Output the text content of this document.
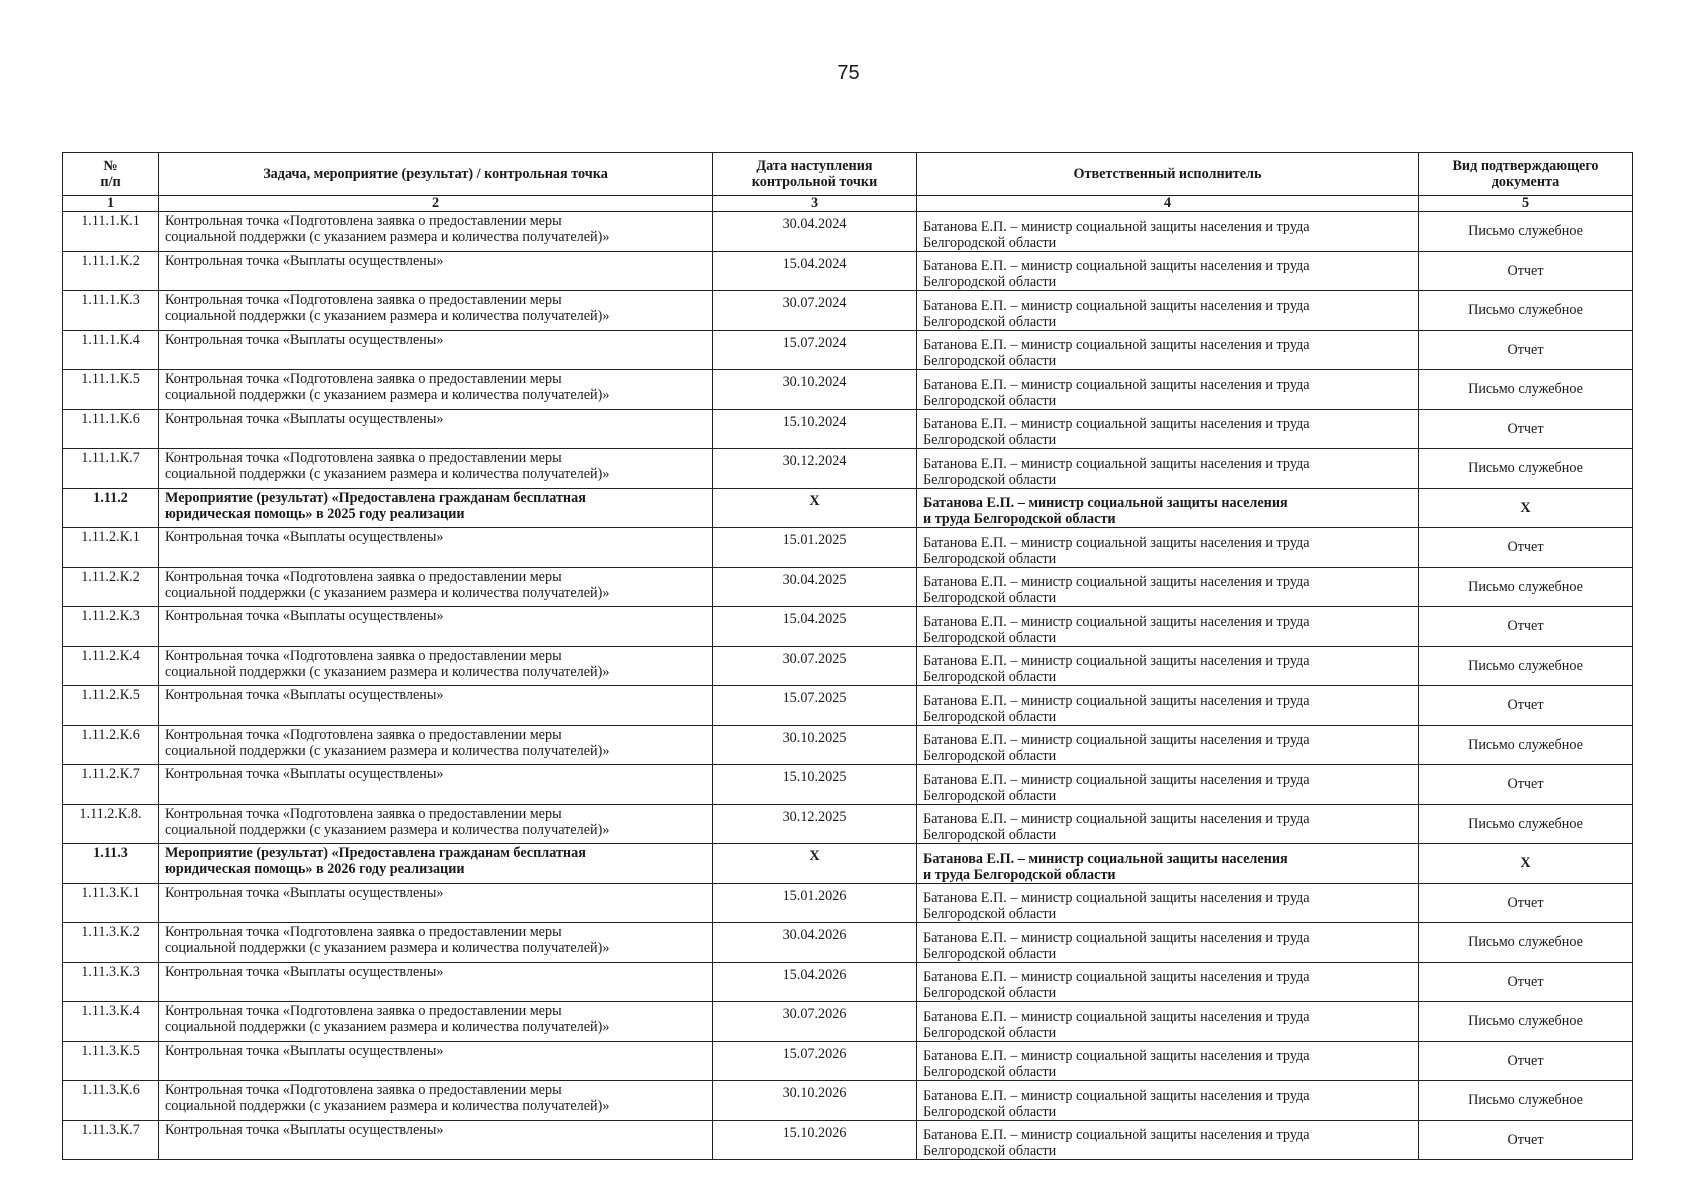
75
№
п/п	Задача, мероприятие (результат) / контрольная точка	Дата наступления
контрольной точки	Ответственный исполнитель	Вид подтверждающего
документа
1	2	3	4	5
1.11.1.К.1	Контрольная точка «Подготовлена заявка о предоставлении меры
социальной поддержки (с указанием размера и количества получателей)»	30.04.2024	Батанова Е.П. – министр социальной защиты населения и труда
Белгородской области	Письмо служебное
1.11.1.К.2	Контрольная точка «Выплаты осуществлены»	15.04.2024	Батанова Е.П. – министр социальной защиты населения и труда
Белгородской области	Отчет
1.11.1.К.3	Контрольная точка «Подготовлена заявка о предоставлении меры
социальной поддержки (с указанием размера и количества получателей)»	30.07.2024	Батанова Е.П. – министр социальной защиты населения и труда
Белгородской области	Письмо служебное
1.11.1.К.4	Контрольная точка «Выплаты осуществлены»	15.07.2024	Батанова Е.П. – министр социальной защиты населения и труда
Белгородской области	Отчет
1.11.1.К.5	Контрольная точка «Подготовлена заявка о предоставлении меры
социальной поддержки (с указанием размера и количества получателей)»	30.10.2024	Батанова Е.П. – министр социальной защиты населения и труда
Белгородской области	Письмо служебное
1.11.1.К.6	Контрольная точка «Выплаты осуществлены»	15.10.2024	Батанова Е.П. – министр социальной защиты населения и труда
Белгородской области	Отчет
1.11.1.К.7	Контрольная точка «Подготовлена заявка о предоставлении меры
социальной поддержки (с указанием размера и количества получателей)»	30.12.2024	Батанова Е.П. – министр социальной защиты населения и труда
Белгородской области	Письмо служебное
1.11.2	Мероприятие (результат) «Предоставлена гражданам бесплатная
юридическая помощь» в 2025 году реализации	X	Батанова Е.П. – министр социальной защиты населения
и труда Белгородской области	X
1.11.2.К.1	Контрольная точка «Выплаты осуществлены»	15.01.2025	Батанова Е.П. – министр социальной защиты населения и труда
Белгородской области	Отчет
1.11.2.К.2	Контрольная точка «Подготовлена заявка о предоставлении меры
социальной поддержки (с указанием размера и количества получателей)»	30.04.2025	Батанова Е.П. – министр социальной защиты населения и труда
Белгородской области	Письмо служебное
1.11.2.К.3	Контрольная точка «Выплаты осуществлены»	15.04.2025	Батанова Е.П. – министр социальной защиты населения и труда
Белгородской области	Отчет
1.11.2.К.4	Контрольная точка «Подготовлена заявка о предоставлении меры
социальной поддержки (с указанием размера и количества получателей)»	30.07.2025	Батанова Е.П. – министр социальной защиты населения и труда
Белгородской области	Письмо служебное
1.11.2.К.5	Контрольная точка «Выплаты осуществлены»	15.07.2025	Батанова Е.П. – министр социальной защиты населения и труда
Белгородской области	Отчет
1.11.2.К.6	Контрольная точка «Подготовлена заявка о предоставлении меры
социальной поддержки (с указанием размера и количества получателей)»	30.10.2025	Батанова Е.П. – министр социальной защиты населения и труда
Белгородской области	Письмо служебное
1.11.2.К.7	Контрольная точка «Выплаты осуществлены»	15.10.2025	Батанова Е.П. – министр социальной защиты населения и труда
Белгородской области	Отчет
1.11.2.К.8.	Контрольная точка «Подготовлена заявка о предоставлении меры
социальной поддержки (с указанием размера и количества получателей)»	30.12.2025	Батанова Е.П. – министр социальной защиты населения и труда
Белгородской области	Письмо служебное
1.11.3	Мероприятие (результат) «Предоставлена гражданам бесплатная
юридическая помощь» в 2026 году реализации	X	Батанова Е.П. – министр социальной защиты населения
и труда Белгородской области	X
1.11.3.К.1	Контрольная точка «Выплаты осуществлены»	15.01.2026	Батанова Е.П. – министр социальной защиты населения и труда
Белгородской области	Отчет
1.11.3.К.2	Контрольная точка «Подготовлена заявка о предоставлении меры
социальной поддержки (с указанием размера и количества получателей)»	30.04.2026	Батанова Е.П. – министр социальной защиты населения и труда
Белгородской области	Письмо служебное
1.11.3.К.3	Контрольная точка «Выплаты осуществлены»	15.04.2026	Батанова Е.П. – министр социальной защиты населения и труда
Белгородской области	Отчет
1.11.3.К.4	Контрольная точка «Подготовлена заявка о предоставлении меры
социальной поддержки (с указанием размера и количества получателей)»	30.07.2026	Батанова Е.П. – министр социальной защиты населения и труда
Белгородской области	Письмо служебное
1.11.3.К.5	Контрольная точка «Выплаты осуществлены»	15.07.2026	Батанова Е.П. – министр социальной защиты населения и труда
Белгородской области	Отчет
1.11.3.К.6	Контрольная точка «Подготовлена заявка о предоставлении меры
социальной поддержки (с указанием размера и количества получателей)»	30.10.2026	Батанова Е.П. – министр социальной защиты населения и труда
Белгородской области	Письмо служебное
1.11.3.К.7	Контрольная точка «Выплаты осуществлены»	15.10.2026	Батанова Е.П. – министр социальной защиты населения и труда
Белгородской области	Отчет
